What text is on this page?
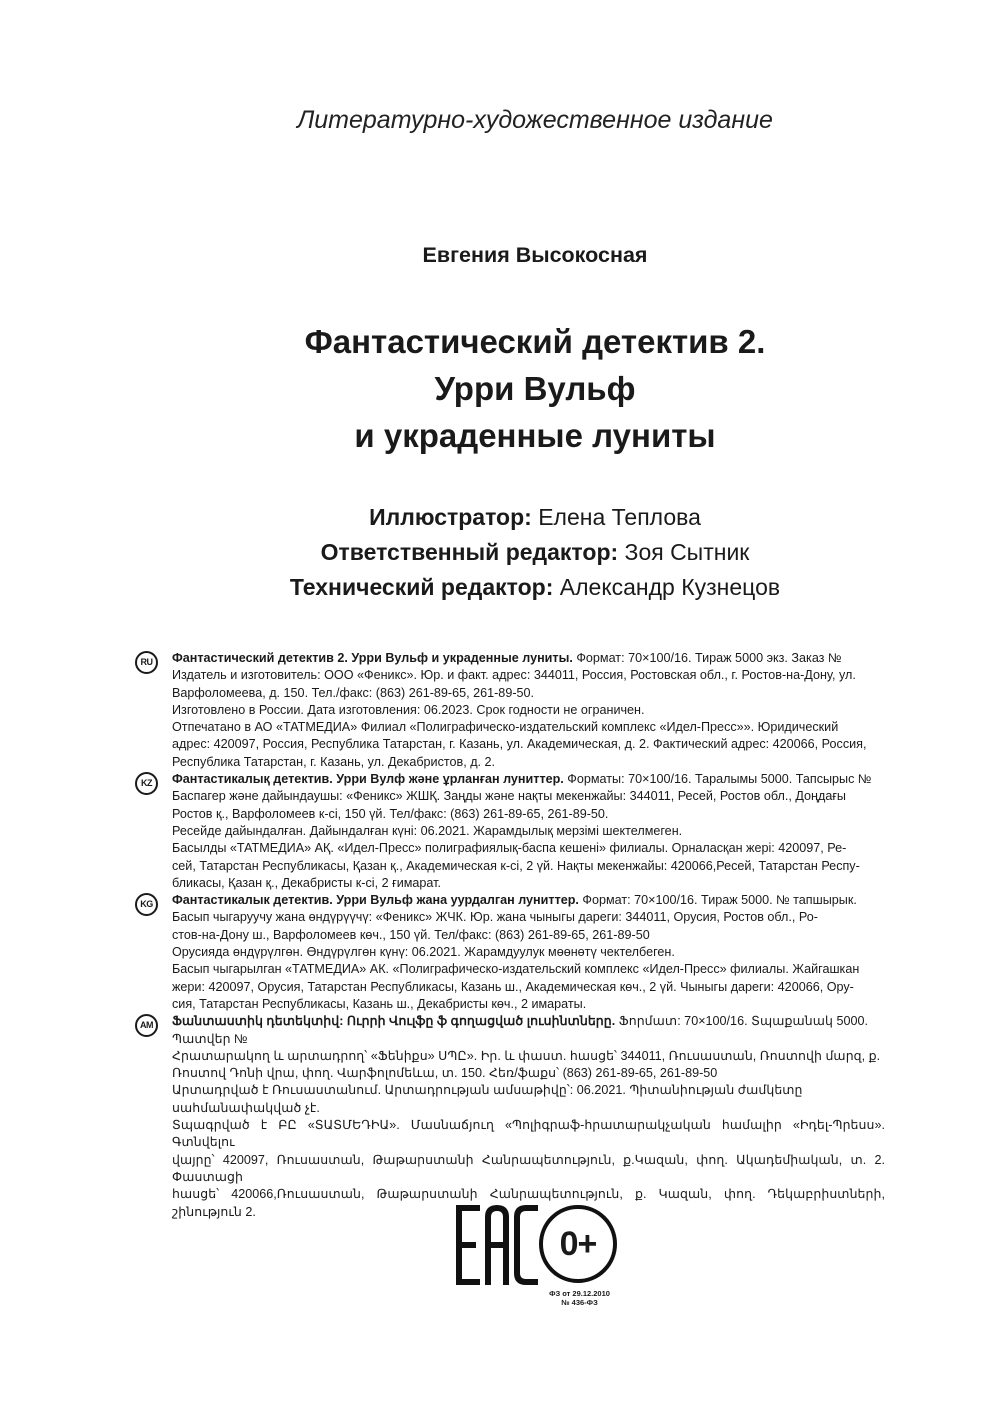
Литературно-художественное издание
Евгения Высокосная
Фантастический детектив 2.
Урри Вульф
и украденные луниты
Иллюстратор: Елена Теплова
Ответственный редактор: Зоя Сытник
Технический редактор: Александр Кузнецов
RU	Фантастический детектив 2. Урри Вульф и украденные луниты. Формат: 70×100/16. Тираж 5000 экз. Заказ №
Издатель и изготовитель: ООО «Феникс». Юр. и факт. адрес: 344011, Россия, Ростовская обл., г. Ростов-на-Дону, ул.
Варфоломеева, д. 150. Тел./факс: (863) 261-89-65, 261-89-50.
Изготовлено в России. Дата изготовления: 06.2023. Срок годности не ограничен.
Отпечатано в АО «ТАТМЕДИА» Филиал «Полиграфическо-издательский комплекс «Идел-Пресс»». Юридический
адрес: 420097, Россия, Республика Татарстан, г. Казань, ул. Академическая, д. 2. Фактический адрес: 420066, Россия,
Республика Татарстан, г. Казань, ул. Декабристов, д. 2.
KZ	Фантастикалық детектив. Урри Вулф және ұрланған луниттер. Форматы: 70×100/16. Таралымы 5000. Тапсырыс №
Баспагер және дайындаушы: «Феникс» ЖШҚ. Заңды және нақты мекенжайы: 344011, Ресей, Ростов обл., Доңдағы
Ростов қ., Варфоломеев к-сі, 150 үй. Тел/факс: (863) 261-89-65, 261-89-50.
Ресейде дайындалған. Дайындалған күні: 06.2021. Жарамдылық мерзімі шектелмеген.
Басылды «ТАТМЕДИА» АҚ. «Идел-Пресс» полиграфиялық-баспа кешені» филиалы. Орналасқан жері: 420097, Ре-
сей, Татарстан Республикасы, Қазан қ., Академическая к-сі, 2 үй. Нақты мекенжайы: 420066,Ресей, Татарстан Респу-
бликасы, Қазан қ., Декабристы к-сі, 2 ғимарат.
KG	Фантастикалык детектив. Урри Вульф жана уурдалган луниттер. Формат: 70×100/16. Тираж 5000. № тапшырык.
Басып чыгаруучу жана өндүрүүчү: «Феникс» ЖЧК. Юр. жана чыныгы дареги: 344011, Орусия, Ростов обл., Ро-
стов-на-Дону ш., Варфоломеев көч., 150 үй. Тел/факс: (863) 261-89-65, 261-89-50
Орусияда өндүрүлгөн. Өндүрүлгөн күнү: 06.2021. Жарамдуулук мөөнөтү чектелбеген.
Басып чыгарылган «ТАТМЕДИА» АК. «Полиграфическо-издательский комплекс «Идел-Пресс» филиалы. Жайгашкан
жери: 420097, Орусия, Татарстан Республикасы, Казань ш., Академическая көч., 2 үй. Чыныгы дареги: 420066, Ору-
сия, Татарстан Республикасы, Казань ш., Декабристы көч., 2 имараты.
AM	Ֆանտաստիկ դետեկտիվ: Ուրրի Վուլֆը ֆ գողացված լուսինտները. Ֆորմատ: 70×100/16. Տպաքանակ 5000.
Պատվեր №
Հրատարակող և արտադրող՝ «Ֆենիքս» ՍՊԸ». Իր. և փաստ. հասցե՝ 344011, Ռուսաստան, Ռոստովի մարզ, ք.
Ռոստով Դոնի վրա, փող. Վարֆոլոմեևա, տ. 150. Հեռ/ֆաքս՝ (863) 261-89-65, 261-89-50
Արտադրված է Ռուսաստանում. Արտադրության ամսաթիվը՝: 06.2021. Պիտանիության ժամկետը
սահմանափակված չէ.
Տպագրված է ԲԸ «ՏԱՏՄԵԴԻԱ». Մասնաճյուղ «Պոլիգրաֆ-հրատարակչական համալիր «Իդել-Պրեսս». Գտնվելու
վայրը՝ 420097, Ռուսաստան, Թաթարստանի Հանրապետություն, ք.Կազան, փող. Ակադեմիական, տ. 2. Փաստացի
հասցե՝ 420066,Ռուսաստան, Թաթարստանի Հանրապետություն, ք. Կազան, փող. Դեկաբրիստների, շինություն 2.
0+
ФЗ от 29.12.2010
№ 436-ФЗ
